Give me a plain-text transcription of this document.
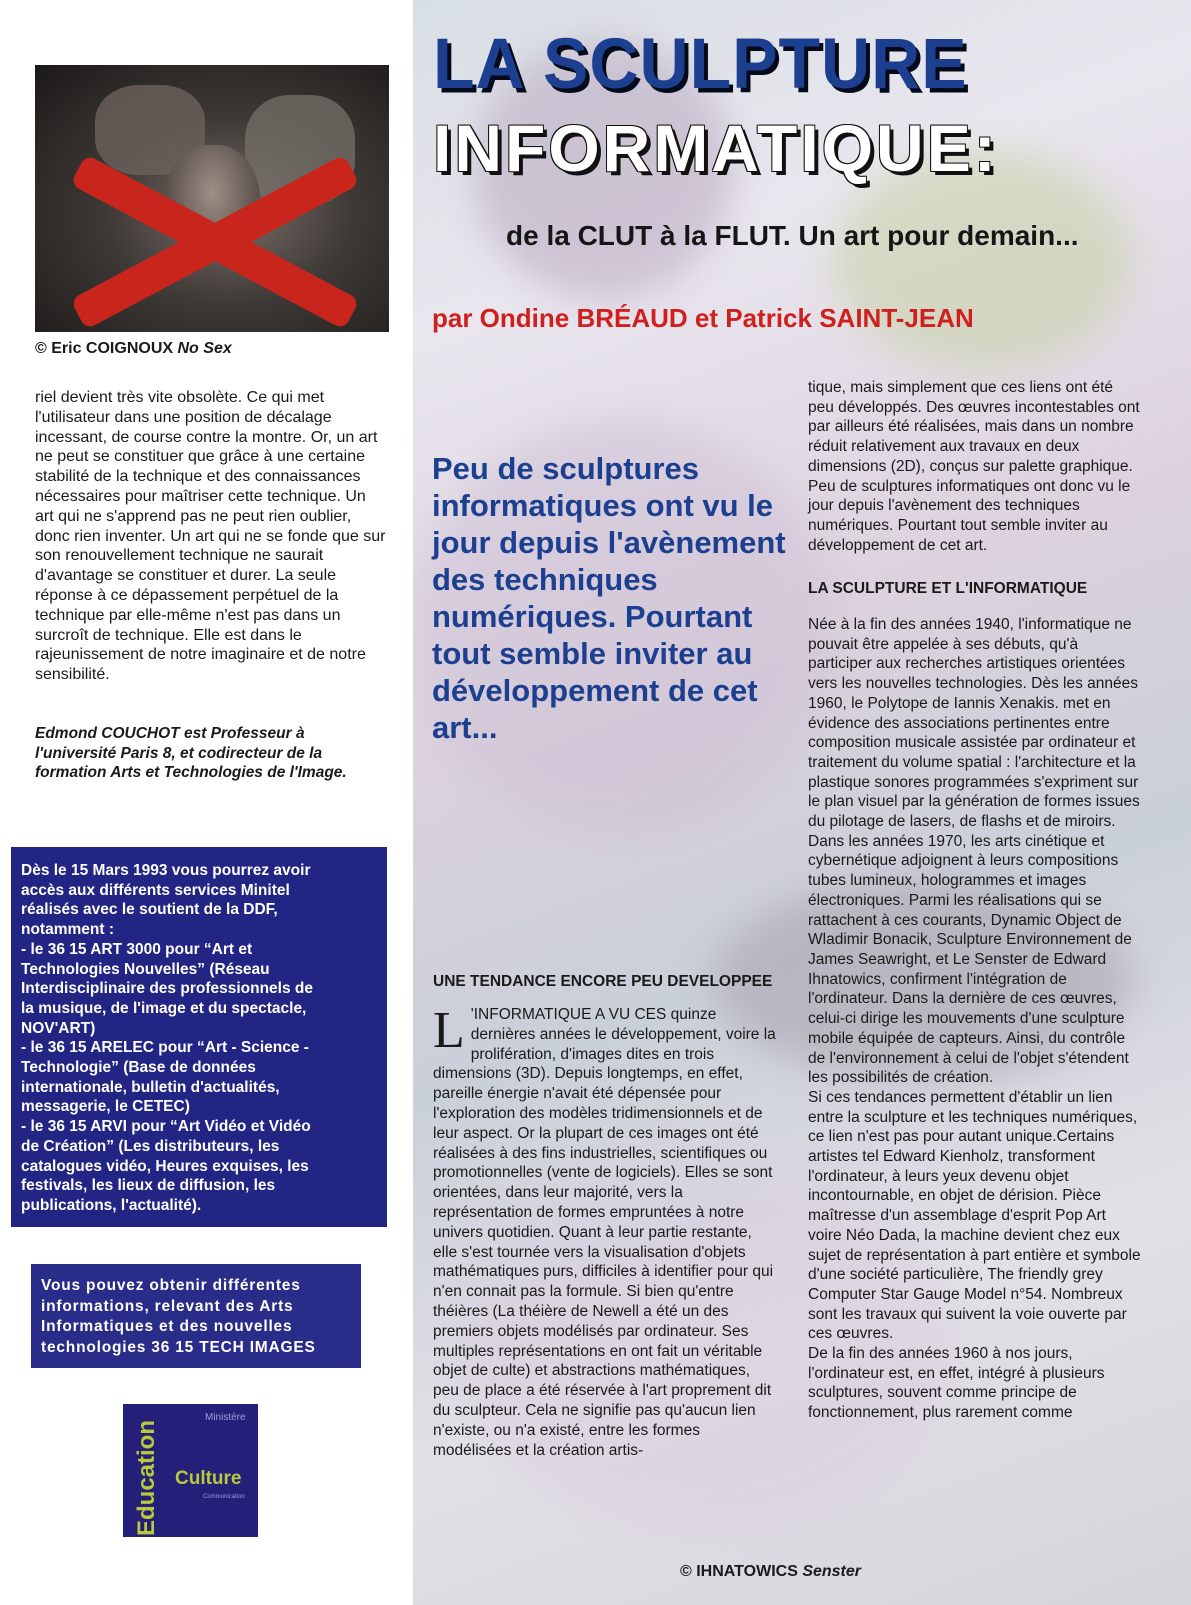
© Eric COIGNOUX No Sex

riel devient très vite obsolète. Ce qui met l'utilisateur dans une position de décalage incessant, de course contre la montre. Or, un art ne peut se constituer que grâce à une certaine stabilité de la technique et des connaissances nécessaires pour maîtriser cette technique. Un art qui ne s'apprend pas ne peut rien oublier, donc rien inventer. Un art qui ne se fonde que sur son renouvellement technique ne saurait d'avantage se constituer et durer. La seule réponse à ce dépassement perpétuel de la technique par elle-même n'est pas dans un surcroît de technique. Elle est dans le rajeunissement de notre imaginaire et de notre sensibilité.

Edmond COUCHOT est Professeur à l'université Paris 8, et codirecteur de la formation Arts et Technologies de l'Image.
Dès le 15 Mars 1993 vous pourrez avoir
accès aux différents services Minitel
réalisés avec le soutient de la DDF,
notamment :
- le 36 15 ART 3000 pour “Art et
Technologies Nouvelles” (Réseau
Interdisciplinaire des professionnels de
la musique, de l'image et du spectacle,
NOV'ART)
- le 36 15 ARELEC pour “Art - Science -
Technologie” (Base de données
internationale, bulletin d'actualités,
messagerie, le CETEC)
- le 36 15 ARVI pour “Art Vidéo et Vidéo
de Création” (Les distributeurs, les
catalogues vidéo, Heures exquises, les
festivals, les lieux de diffusion, les
publications, l'actualité).
Vous pouvez obtenir différentes
informations, relevant des Arts
Informatiques et des nouvelles
technologies 36 15 TECH IMAGES
Education
Ministère
Culture
Communication
LA SCULPTURE
INFORMATIQUE:
de la CLUT à la FLUT. Un art pour demain...
par Ondine BRÉAUD et Patrick SAINT-JEAN
Peu de sculptures informatiques ont vu le jour depuis l'avènement des techniques numériques. Pourtant tout semble inviter au développement de cet art...

tique, mais simplement que ces liens ont été peu développés. Des œuvres incontestables ont par ailleurs été réalisées, mais dans un nombre réduit relativement aux travaux en deux dimensions (2D), conçus sur palette graphique. Peu de sculptures informatiques ont donc vu le jour depuis l'avènement des techniques numériques. Pourtant tout semble inviter au développement de cet art.

LA SCULPTURE ET L'INFORMATIQUE

Née à la fin des années 1940, l'informatique ne pouvait être appelée à ses débuts, qu'à participer aux recherches artistiques orientées vers les nouvelles technologies. Dès les années 1960, le Polytope de Iannis Xenakis. met en évidence des associations pertinentes entre composition musicale assistée par ordinateur et traitement du volume spatial : l'architecture et la plastique sonores programmées s'expriment sur le plan visuel par la génération de formes issues du pilotage de lasers, de flashs et de miroirs. Dans les années 1970, les arts cinétique et cybernétique adjoignent à leurs compositions tubes lumineux, hologrammes et images électroniques. Parmi les réalisations qui se rattachent à ces courants, Dynamic Object de Wladimir Bonacik, Sculpture Environnement de James Seawright, et Le Senster de Edward Ihnatowics, confirment l'intégration de l'ordinateur. Dans la dernière de ces œuvres, celui-ci dirige les mouvements d'une sculpture mobile équipée de capteurs. Ainsi, du contrôle de l'environnement à celui de l'objet s'étendent les possibilités de création.

Si ces tendances permettent d'établir un lien entre la sculpture et les techniques numériques, ce lien n'est pas pour autant unique.Certains artistes tel Edward Kienholz, transforment l'ordinateur, à leurs yeux devenu objet incontournable, en objet de dérision. Pièce maîtresse d'un assemblage d'esprit Pop Art voire Néo Dada, la machine devient chez eux sujet de représentation à part entière et symbole d'une société particulière, The friendly grey Computer Star Gauge Model n°54. Nombreux sont les travaux qui suivent la voie ouverte par ces œuvres.

De la fin des années 1960 à nos jours, l'ordinateur est, en effet, intégré à plusieurs sculptures, souvent comme principe de fonctionnement, plus rarement comme

UNE TENDANCE ENCORE PEU DEVELOPPEE

L 'INFORMATIQUE A VU CES quinze dernières années le développement, voire la prolifération, d'images dites en trois dimensions (3D). Depuis longtemps, en effet, pareille énergie n'avait été dépensée pour l'exploration des modèles tridimensionnels et de leur aspect. Or la plupart de ces images ont été réalisées à des fins industrielles, scientifiques ou promotionnelles (vente de logiciels). Elles se sont orientées, dans leur majorité, vers la représentation de formes empruntées à notre univers quotidien. Quant à leur partie restante, elle s'est tournée vers la visualisation d'objets mathématiques purs, difficiles à identifier pour qui n'en connait pas la formule. Si bien qu'entre théières (La théière de Newell a été un des premiers objets modélisés par ordinateur. Ses multiples représentations en ont fait un véritable objet de culte) et abstractions mathématiques, peu de place a été réservée à l'art proprement dit du sculpteur. Cela ne signifie pas qu'aucun lien n'existe, ou n'a existé, entre les formes modélisées et la création artis-

© IHNATOWICS Senster
